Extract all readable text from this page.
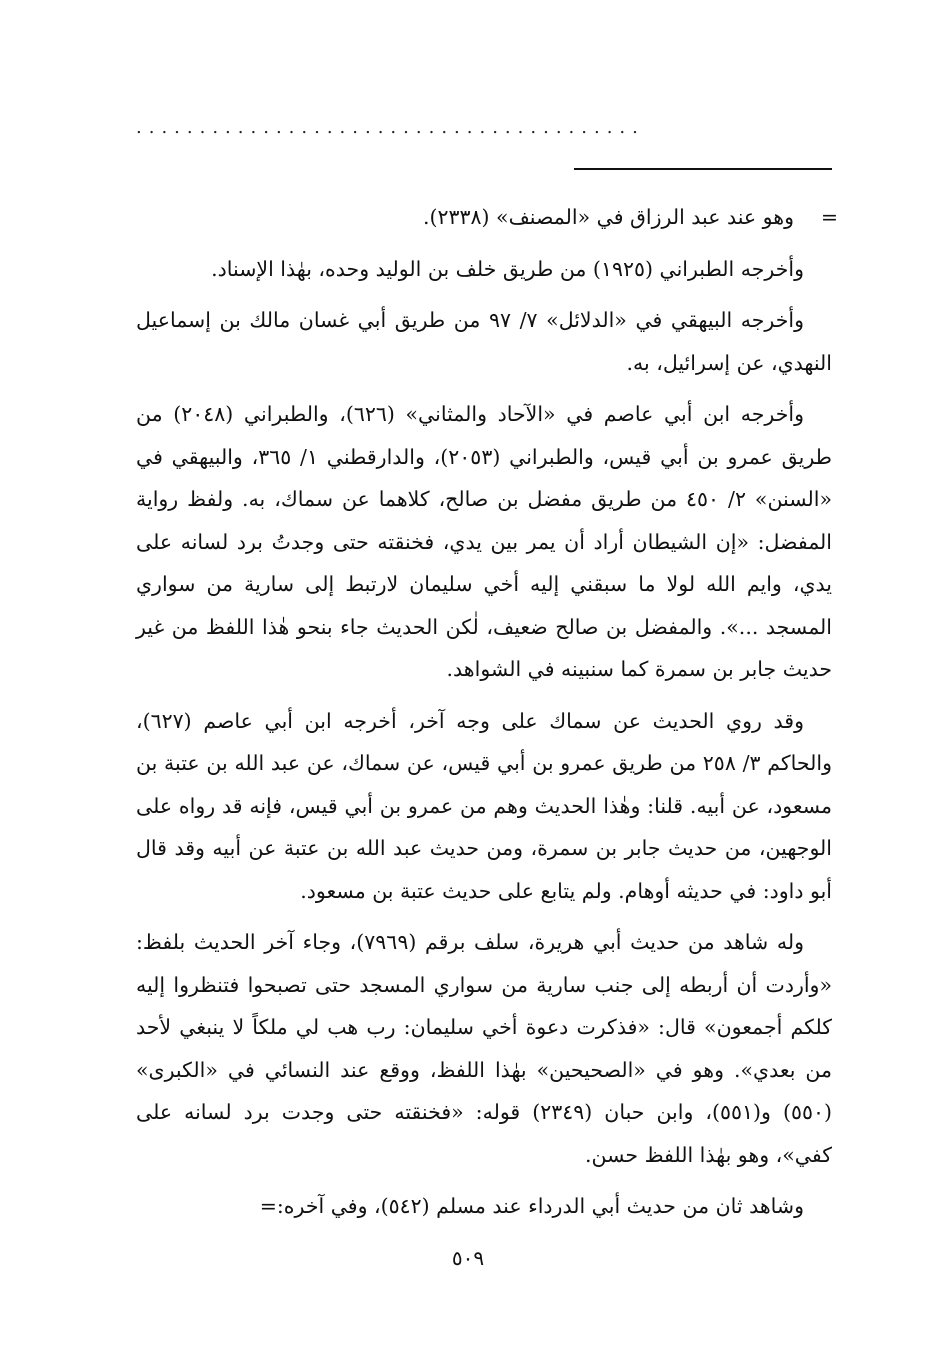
........................................

=
وهو عند عبد الرزاق في «المصنف» (٢٣٣٨).

وأخرجه الطبراني (١٩٢٥) من طريق خلف بن الوليد وحده، بهٰذا الإسناد.

وأخرجه البيهقي في «الدلائل» ٧/ ٩٧ من طريق أبي غسان مالك بن إسماعيل النهدي، عن إسرائيل، به.

وأخرجه ابن أبي عاصم في «الآحاد والمثاني» (٦٢٦)، والطبراني (٢٠٤٨) من طريق عمرو بن أبي قيس، والطبراني (٢٠٥٣)، والدارقطني ١/ ٣٦٥، والبيهقي في «السنن» ٢/ ٤٥٠ من طريق مفضل بن صالح، كلاهما عن سماك، به. ولفظ رواية المفضل: «إن الشيطان أراد أن يمر بين يدي، فخنقته حتى وجدتُ برد لسانه على يدي، وايم الله لولا ما سبقني إليه أخي سليمان لارتبط إلى سارية من سواري المسجد ...». والمفضل بن صالح ضعيف، لٰكن الحديث جاء بنحو هٰذا اللفظ من غير حديث جابر بن سمرة كما سنبينه في الشواهد.

وقد روي الحديث عن سماك على وجه آخر، أخرجه ابن أبي عاصم (٦٢٧)، والحاكم ٣/ ٢٥٨ من طريق عمرو بن أبي قيس، عن سماك، عن عبد الله بن عتبة بن مسعود، عن أبيه. قلنا: وهٰذا الحديث وهم من عمرو بن أبي قيس، فإنه قد رواه على الوجهين، من حديث جابر بن سمرة، ومن حديث عبد الله بن عتبة عن أبيه وقد قال أبو داود: في حديثه أوهام. ولم يتابع على حديث عتبة بن مسعود.

وله شاهد من حديث أبي هريرة، سلف برقم (٧٩٦٩)، وجاء آخر الحديث بلفظ: «وأردت أن أربطه إلى جنب سارية من سواري المسجد حتى تصبحوا فتنظروا إليه كلكم أجمعون» قال: «فذكرت دعوة أخي سليمان: رب هب لي ملكاً لا ينبغي لأحد من بعدي». وهو في «الصحيحين» بهٰذا اللفظ، ووقع عند النسائي في «الكبرى» (٥٥٠) و(٥٥١)، وابن حبان (٢٣٤٩) قوله: «فخنقته حتى وجدت برد لسانه على كفي»، وهو بهٰذا اللفظ حسن.

وشاهد ثان من حديث أبي الدرداء عند مسلم (٥٤٢)، وفي آخره:=

٥٠٩
